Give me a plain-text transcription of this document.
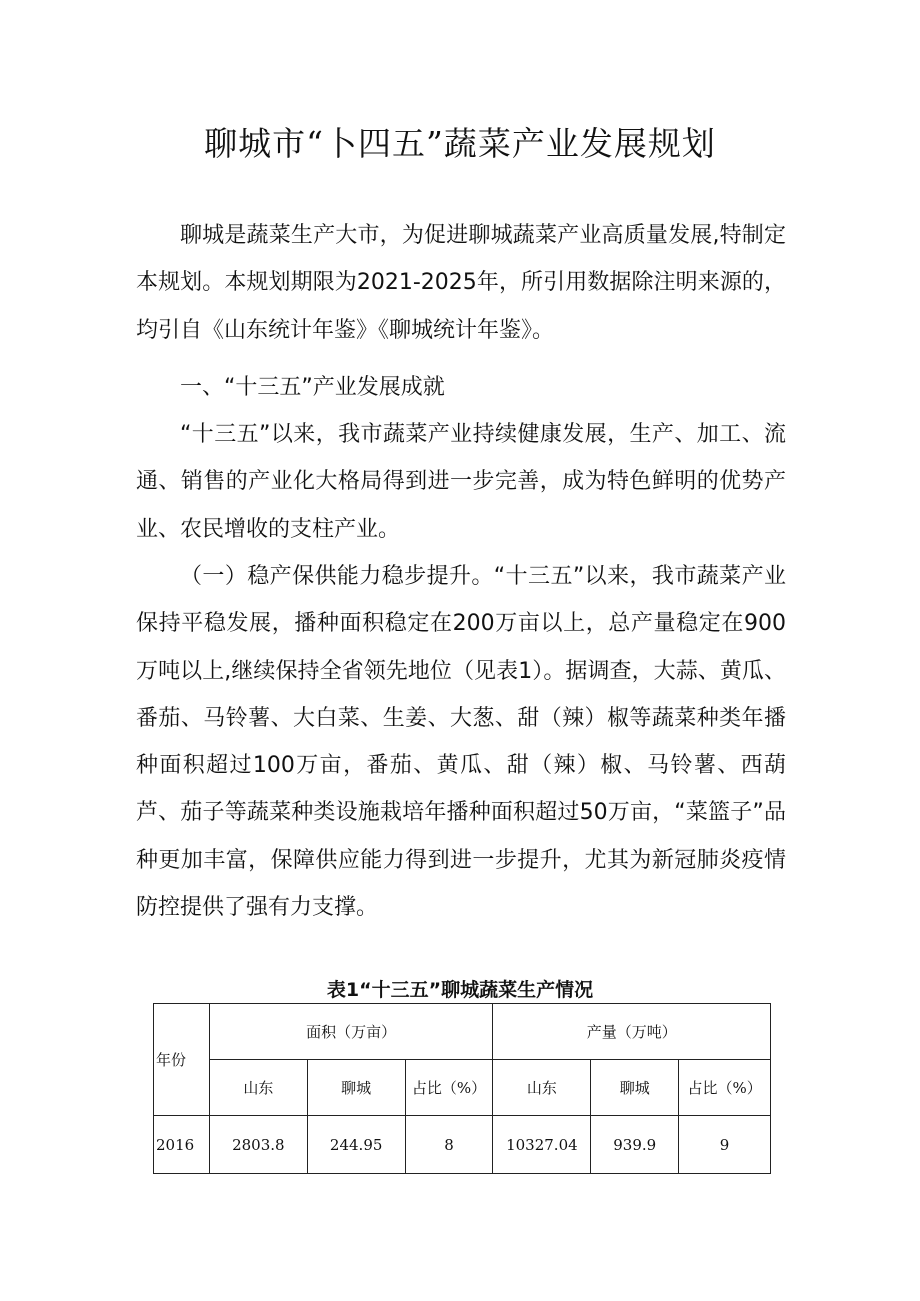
聊城市“卜四五”蔬菜产业发展规划

聊城是蔬菜生产大市，为促进聊城蔬菜产业高质量发展,特制定本规划。本规划期限为2021-2025年，所引用数据除注明来源的，均引自《山东统计年鉴》《聊城统计年鉴》。

一、“十三五”产业发展成就

“十三五”以来，我市蔬菜产业持续健康发展，生产、加工、流通、销售的产业化大格局得到进一步完善，成为特色鲜明的优势产业、农民增收的支柱产业。

（一）稳产保供能力稳步提升。“十三五”以来，我市蔬菜产业保持平稳发展，播种面积稳定在200万亩以上，总产量稳定在900万吨以上,继续保持全省领先地位（见表1）。据调查，大蒜、黄瓜、番茄、马铃薯、大白菜、生姜、大葱、甜（辣）椒等蔬菜种类年播种面积超过100万亩，番茄、黄瓜、甜（辣）椒、马铃薯、西葫芦、茄子等蔬菜种类设施栽培年播种面积超过50万亩，“菜篮子”品种更加丰富，保障供应能力得到进一步提升，尤其为新冠肺炎疫情防控提供了强有力支撑。

表1“十三五”聊城蔬菜生产情况
年份	面积（万亩）			产量（万吨）		
	山东	聊城	占比（%）	山东	聊城	占比（%）
2016	2803.8	244.95	8	10327.04	939.9	9
